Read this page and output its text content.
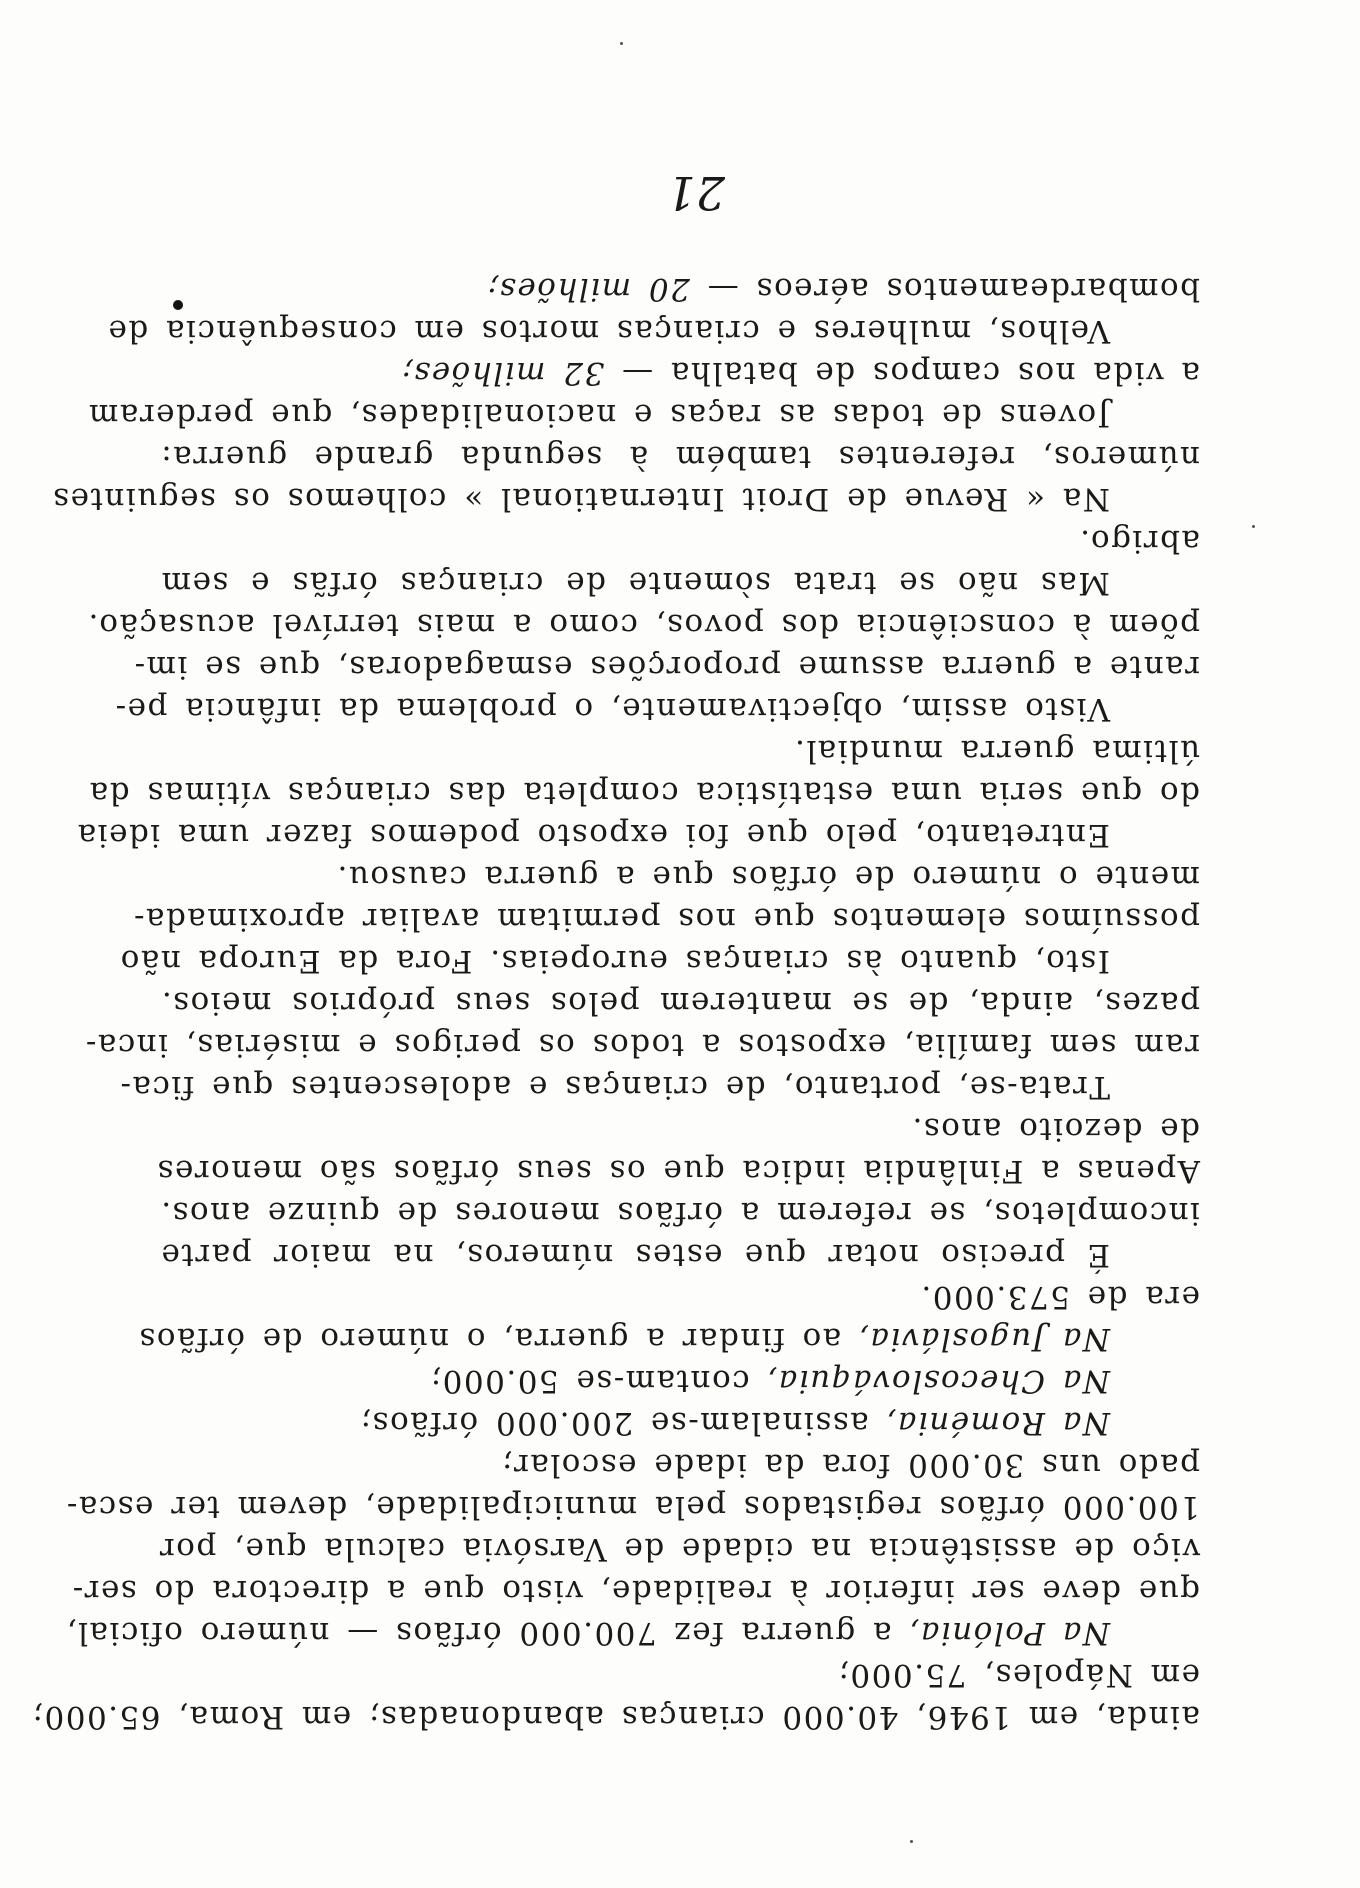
ainda, em 1946, 40.000 crianças abandonadas; em Roma, 65.000;
em Nápoles, 75.000;
Na Polónia, a guerra fez 700.000 órfãos — número oficial,
que deve ser inferior à realidade, visto que a directora do ser-
viço de assistência na cidade de Varsóvia calcula que, por
100.000 órfãos registados pela municipalidade, devem ter esca-
pado uns 30.000 fora da idade escolar;
Na Roménia, assinalam-se 200.000 órfãos;
Na Checoslováquia, contam-se 50.000;
Na Jugoslávia, ao findar a guerra, o número de órfãos
era de 573.000.
É preciso notar que estes números, na maior parte
incompletos, se referem a órfãos menores de quinze anos.
Apenas a Finlândia indica que os seus órfãos são menores
de dezoito anos.
Trata-se, portanto, de crianças e adolescentes que fica-
ram sem família, expostos a todos os perigos e misérias, inca-
pazes, ainda, de se manterem pelos seus próprios meios.
Isto, quanto às crianças europeias. Fora da Europa não
possuímos elementos que nos permitam avaliar aproximada-
mente o número de órfãos que a guerra causou.
Entretanto, pelo que foi exposto podemos fazer uma ideia
do que seria uma estatística completa das crianças vítimas da
última guerra mundial.
Visto assim, objectivamente, o problema da infância pe-
rante a guerra assume proporções esmagadoras, que se im-
põem à consciência dos povos, como a mais terrível acusação.
Mas não se trata sòmente de crianças órfãs e sem
abrigo.
Na « Revue de Droit International » colhemos os seguintes
números, referentes também à segunda grande guerra:
Jovens de todas as raças e nacionalidades, que perderam
a vida nos campos de batalha — 32 milhões;
Velhos, mulheres e crianças mortos em consequência de
bombardeamentos aéreos — 20 milhões;
21
